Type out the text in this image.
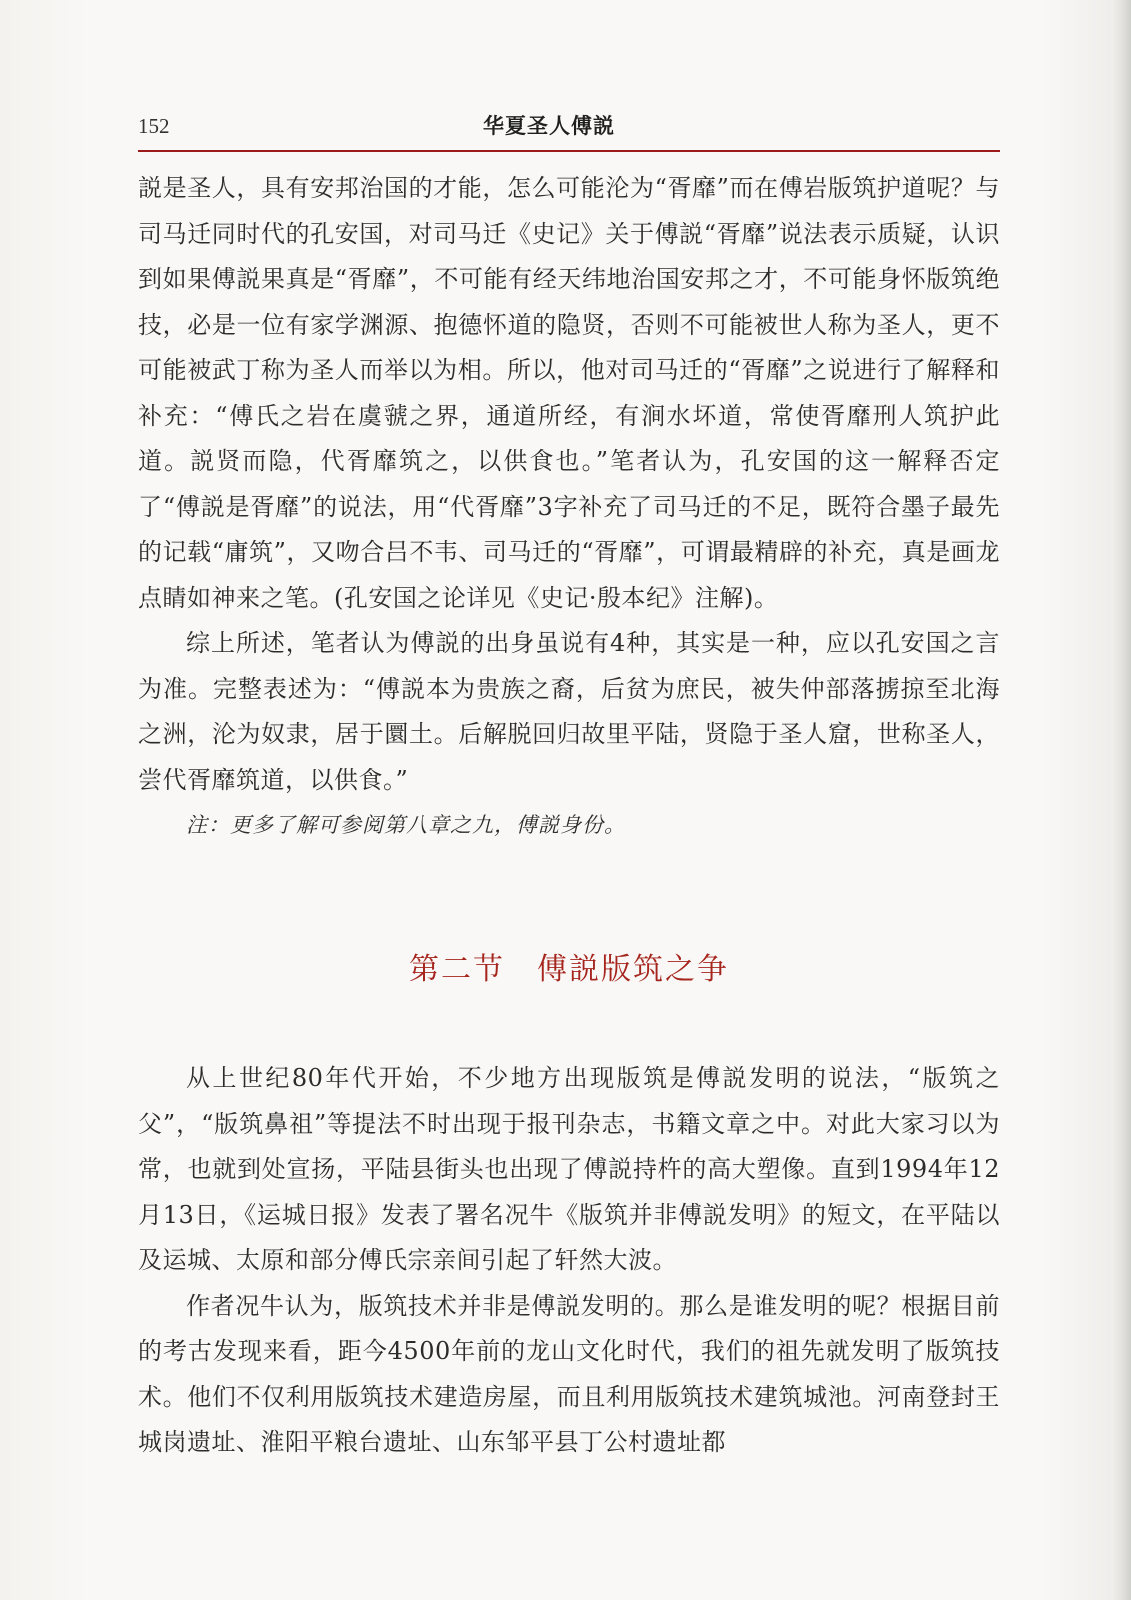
152	华夏圣人傅説

説是圣人，具有安邦治国的才能，怎么可能沦为“胥靡”而在傅岩版筑护道呢？与司马迁同时代的孔安国，对司马迁《史记》关于傅説“胥靡”说法表示质疑，认识到如果傅説果真是“胥靡”，不可能有经天纬地治国安邦之才，不可能身怀版筑绝技，必是一位有家学渊源、抱德怀道的隐贤，否则不可能被世人称为圣人，更不可能被武丁称为圣人而举以为相。所以，他对司马迁的“胥靡”之说进行了解释和补充：“傅氏之岩在虞虢之界，通道所经，有涧水坏道，常使胥靡刑人筑护此道。説贤而隐，代胥靡筑之，以供食也。”笔者认为，孔安国的这一解释否定了“傅説是胥靡”的说法，用“代胥靡”3字补充了司马迁的不足，既符合墨子最先的记载“庸筑”，又吻合吕不韦、司马迁的“胥靡”，可谓最精辟的补充，真是画龙点睛如神来之笔。(孔安国之论详见《史记·殷本纪》注解)。

综上所述，笔者认为傅説的出身虽说有4种，其实是一种，应以孔安国之言为准。完整表述为：“傅説本为贵族之裔，后贫为庶民，被失仲部落掳掠至北海之洲，沦为奴隶，居于圜土。后解脱回归故里平陆，贤隐于圣人窟，世称圣人，尝代胥靡筑道，以供食。”

注：更多了解可参阅第八章之九，傅説身份。

第二节　傅説版筑之争

从上世纪80年代开始，不少地方出现版筑是傅説发明的说法，“版筑之父”，“版筑鼻祖”等提法不时出现于报刊杂志，书籍文章之中。对此大家习以为常，也就到处宣扬，平陆县街头也出现了傅説持杵的高大塑像。直到1994年12月13日，《运城日报》发表了署名况牛《版筑并非傅説发明》的短文，在平陆以及运城、太原和部分傅氏宗亲间引起了轩然大波。

作者况牛认为，版筑技术并非是傅説发明的。那么是谁发明的呢？根据目前的考古发现来看，距今4500年前的龙山文化时代，我们的祖先就发明了版筑技术。他们不仅利用版筑技术建造房屋，而且利用版筑技术建筑城池。河南登封王城岗遗址、淮阳平粮台遗址、山东邹平县丁公村遗址都
